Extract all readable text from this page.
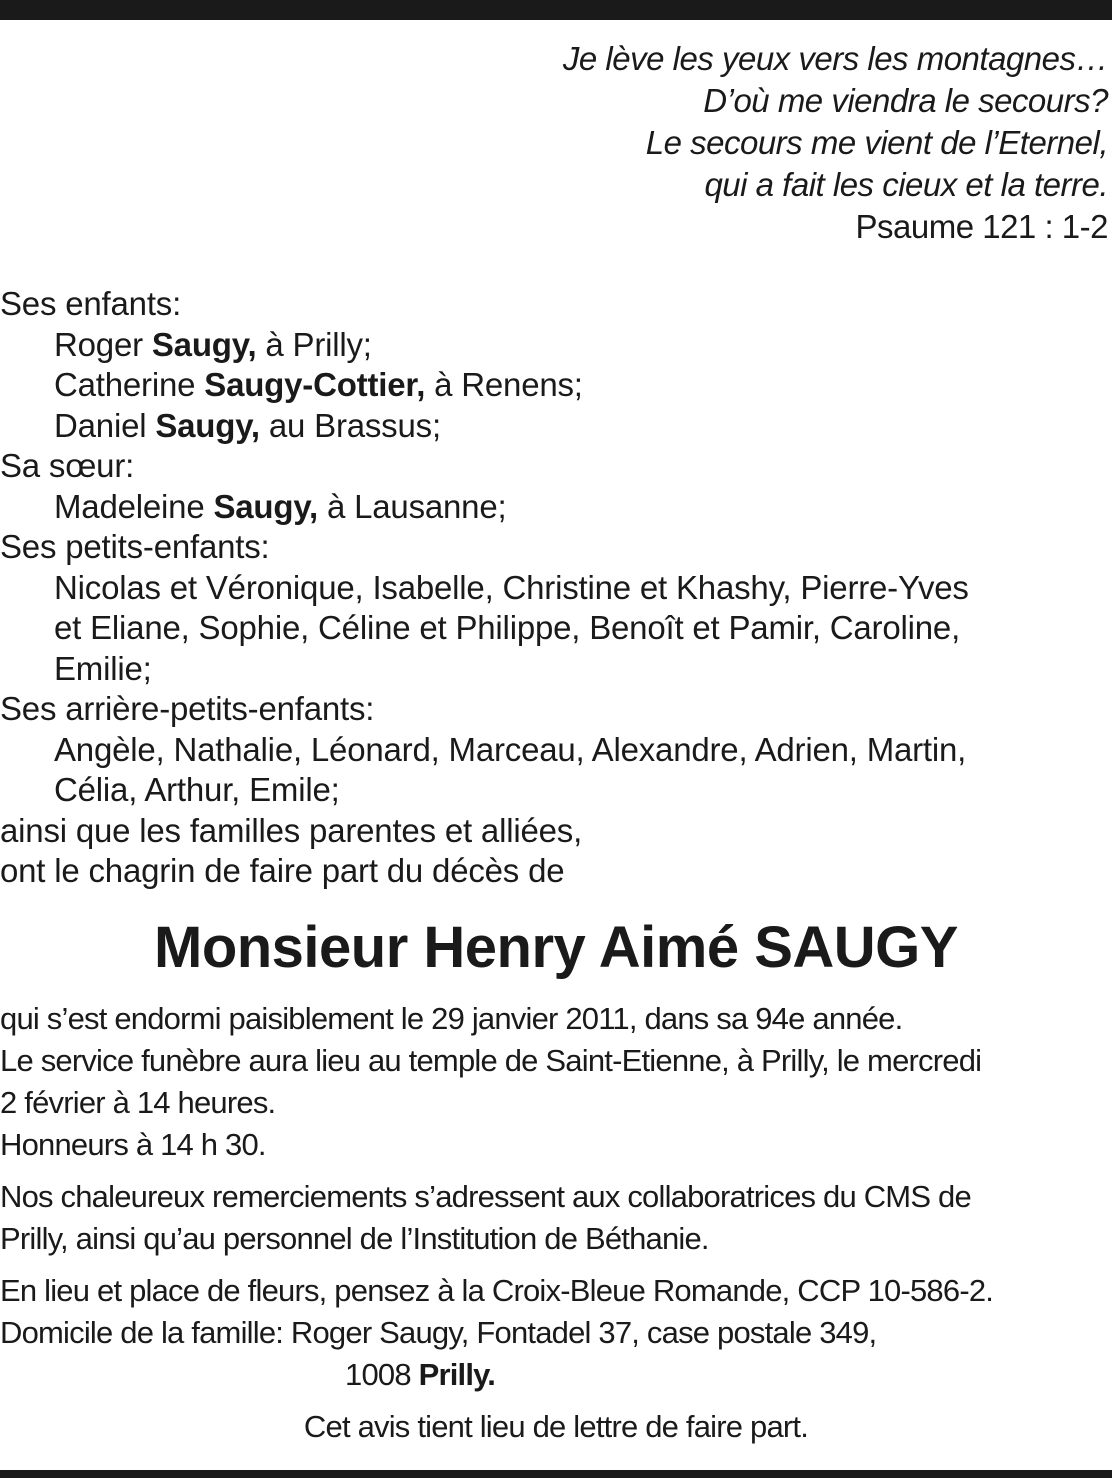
Je lève les yeux vers les montagnes…
D’où me viendra le secours?
Le secours me vient de l’Eternel,
qui a fait les cieux et la terre.
Psaume 121 : 1-2
Ses enfants:
Roger Saugy, à Prilly;
Catherine Saugy-Cottier, à Renens;
Daniel Saugy, au Brassus;
Sa sœur:
Madeleine Saugy, à Lausanne;
Ses petits-enfants:
Nicolas et Véronique, Isabelle, Christine et Khashy, Pierre-Yves
et Eliane, Sophie, Céline et Philippe, Benoît et Pamir, Caroline,
Emilie;
Ses arrière-petits-enfants:
Angèle, Nathalie, Léonard, Marceau, Alexandre, Adrien, Martin,
Célia, Arthur, Emile;
ainsi que les familles parentes et alliées,
ont le chagrin de faire part du décès de
Monsieur Henry Aimé SAUGY

qui s’est endormi paisiblement le 29 janvier 2011, dans sa 94e année.

Le service funèbre aura lieu au temple de Saint-Etienne, à Prilly, le mercredi

2 février à 14 heures.

Honneurs à 14 h 30.

Nos chaleureux remerciements s’adressent aux collaboratrices du CMS de

Prilly, ainsi qu’au personnel de l’Institution de Béthanie.

En lieu et place de fleurs, pensez à la Croix-Bleue Romande, CCP 10-586-2.

Domicile de la famille: Roger Saugy, Fontadel 37, case postale 349,

1008 Prilly.

Cet avis tient lieu de lettre de faire part.
